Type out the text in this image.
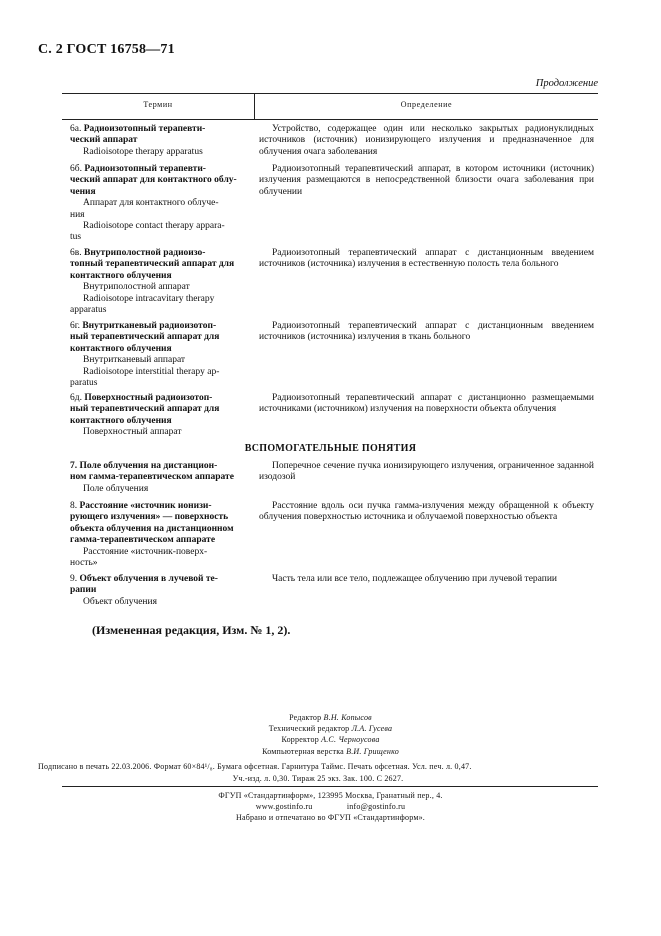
С. 2 ГОСТ 16758—71
Продолжение
Термин	Определение
6а. Радиоизотопный терапевти-
ческий аппарат
Radioisotope therapy apparatus
Устройство, содержащее один или несколько закрытых радионуклидных источников (источник) ионизирующего излучения и предназначенное для облучения очага заболевания
6б. Радиоизотопный терапевти-
ческий аппарат для контактного облу-
чения
Аппарат для контактного облуче-
ния
Radioisotope contact therapy appara-
tus
Радиоизотопный терапевтический аппарат, в котором источники (источник) излучения размещаются в непосредственной близости очага заболевания при облучении
6в. Внутриполостной радиоизо-
топный терапевтический аппарат для
контактного облучения
Внутриполостной аппарат
Radioisotope intracavitary therapy
apparatus
Радиоизотопный терапевтический аппарат с дистанционным введением источников (источника) излучения в естественную полость тела больного
6г. Внутритканевый радиоизотоп-
ный терапевтический аппарат для
контактного облучения
Внутритканевый аппарат
Radioisotope interstitial therapy ap-
paratus
Радиоизотопный терапевтический аппарат с дистанционным введением источников (источника) излучения в ткань больного
6д. Поверхностный радиоизотоп-
ный терапевтический аппарат для
контактного облучения
Поверхностный аппарат
Радиоизотопный терапевтический аппарат с дистанционно размещаемыми источниками (источником) излучения на поверхности объекта облучения
ВСПОМОГАТЕЛЬНЫЕ ПОНЯТИЯ
7. Поле облучения на дистанцион-
ном гамма-терапевтическом аппарате
Поле облучения
Поперечное сечение пучка ионизирующего излучения, ограниченное заданной изодозой
8. Расстояние «источник ионизи-
рующего излучения» — поверхность
объекта облучения на дистанционном
гамма-терапевтическом аппарате
Расстояние «источник-поверх-
ность»
Расстояние вдоль оси пучка гамма-излучения между обращенной к объекту облучения поверхностью источника и облучаемой поверхностью объекта
9. Объект облучения в лучевой те-
рапии
Объект облучения
Часть тела или все тело, подлежащее облучению при лучевой терапии
(Измененная редакция, Изм. № 1, 2).
Редактор В.Н. Копысов
Технический редактор Л.А. Гусева
Корректор А.С. Черноусова
Компьютерная верстка В.И. Грищенко
Подписано в печать 22.03.2006. Формат 60×84¹/₈. Бумага офсетная. Гарнитура Таймс. Печать офсетная. Усл. печ. л. 0,47.
Уч.-изд. л. 0,30. Тираж 25 экз. Зак. 100. С 2627.
ФГУП «Стандартинформ», 123995 Москва, Гранатный пер., 4.
www.gostinfo.ru	info@gostinfo.ru
Набрано и отпечатано во ФГУП «Стандартинформ».
